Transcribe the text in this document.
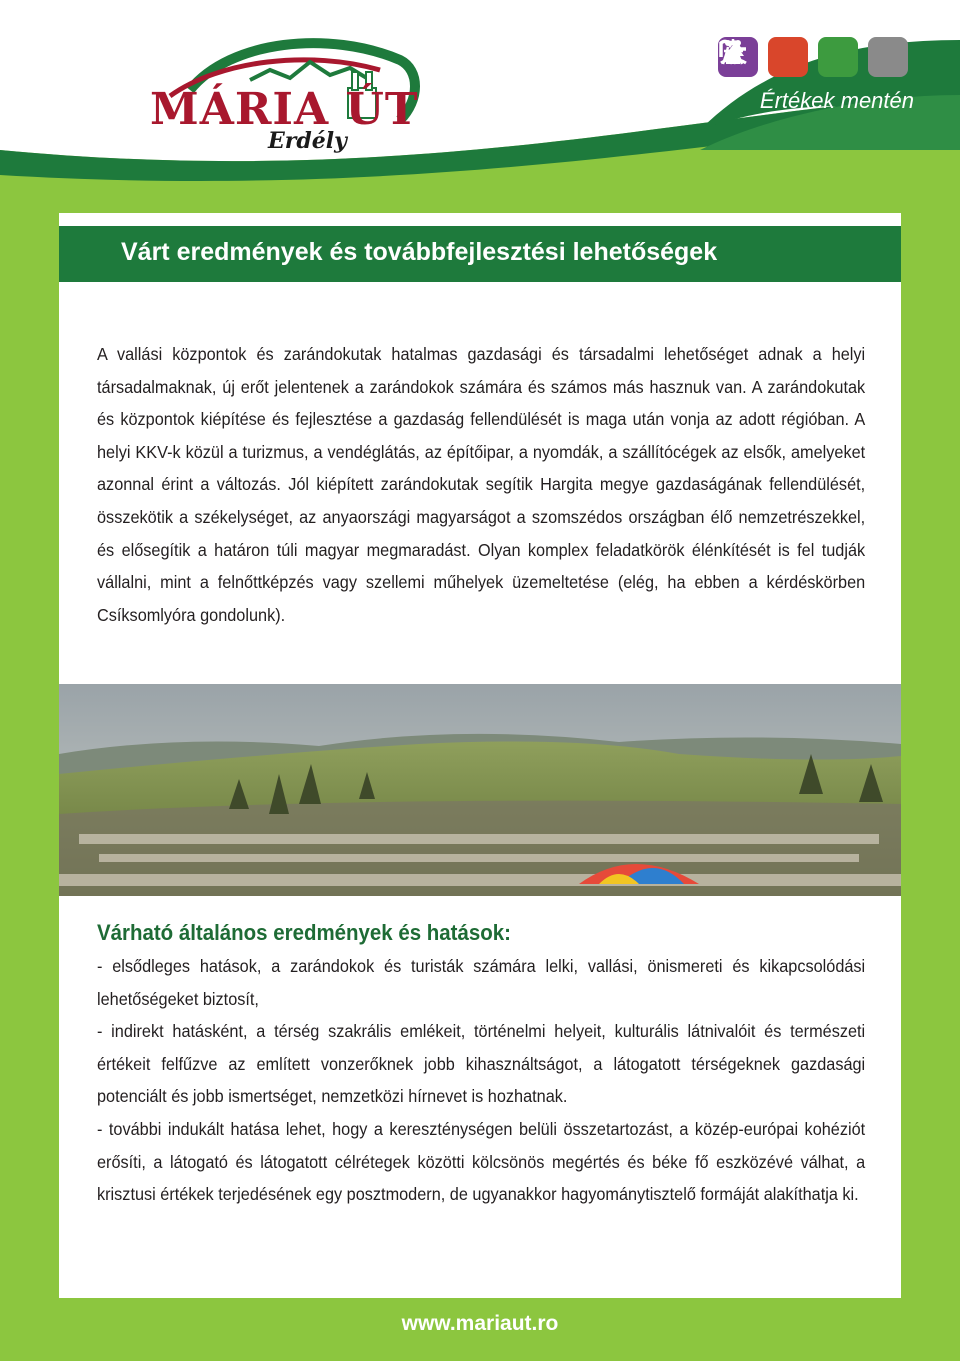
MÁRIA ÚT
Erdély
Értékek mentén
Várt eredmények és továbbfejlesztési lehetőségek
A vallási központok és zarándokutak hatalmas gazdasági és társadalmi lehetőséget adnak a helyi társadalmaknak, új erőt jelentenek a zarándokok számára és számos más hasznuk van. A zarándokutak és központok kiépítése és fejlesztése a gazdaság fellendülését is maga után vonja az adott régióban. A helyi KKV-k közül a turizmus, a vendéglátás, az építőipar, a nyomdák, a szállítócégek az elsők, amelyeket azonnal érint a változás. Jól kiépített zarándokutak segítik Hargita megye gazdaságának fellendülését, összekötik a székelységet, az anyaországi magyarságot a szomszédos országban élő nemzetrészekkel, és elősegítik a határon túli magyar megmaradást. Olyan komplex feladatkörök élénkítését is fel tudják vállalni, mint a felnőttképzés vagy szellemi műhelyek üzemeltetése (elég, ha ebben a kérdéskörben Csíksomlyóra gondolunk).
Várható általános eredmények és hatások:

- elsődleges hatások, a zarándokok és turisták számára lelki, vallási, önismereti és kikapcsolódási lehetőségeket biztosít,

- indirekt hatásként, a térség szakrális emlékeit, történelmi helyeit, kulturális látnivalóit és természeti értékeit felfűzve az említett vonzerőknek jobb kihasználtságot, a látogatott térségeknek gazdasági potenciált és jobb ismertséget, nemzetközi hírnevet is hozhatnak.

- további indukált hatása lehet, hogy a kereszténységen belüli összetartozást, a közép-európai kohéziót erősíti, a látogató és látogatott célrétegek közötti kölcsönös megértés és béke fő eszközévé válhat, a krisztusi értékek terjedésének egy posztmodern, de ugyanakkor hagyománytisztelő formáját alakíthatja ki.

www.mariaut.ro
